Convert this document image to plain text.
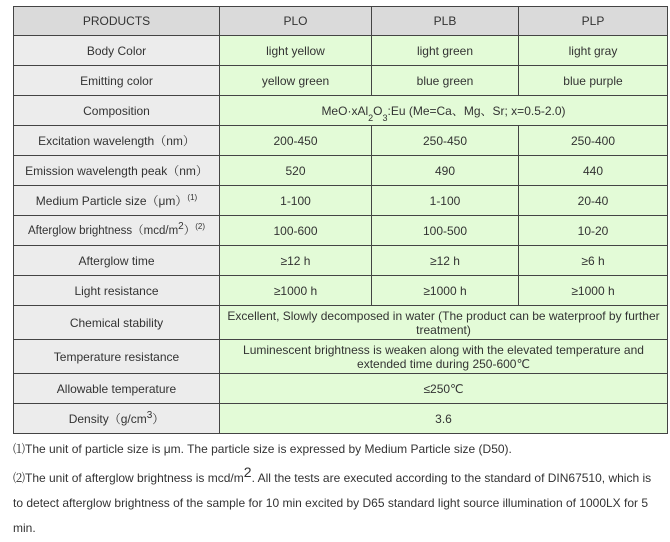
PRODUCTS	PLO	PLB	PLP
Body Color	light yellow	light green	light gray
Emitting color	yellow green	blue green	blue purple
Composition	$MeO\cdot xAl_2O_3:Eu$ (Me=Ca、Mg、Sr; x=0.5-2.0)		
Excitation wavelength（nm）	200-450	250-450	250-400
Emission wavelength peak（nm）	520	490	440
Medium Particle $size(\mu m)^{(1)}$	1-100	1-100	20-40
Afterglow $brightness(mcd/m^2)^{(2)}$	100-600	100-500	10-20
Afterglow time	≥12 h	≥12 h	≥6 h
Light resistance	≥1000 h	≥1000 h	≥1000 h
Chemical stability	Excellent, Slowly decomposed in water (The product can be waterproof by further treatment)		
Temperature resistance	Luminescent brightness is weaken along with the elevated temperature and extended time during 250-600℃		
Allowable temperature	≤250℃		
$Density(g/cm^3)$	3.6		
⑴The unit of particle size is μm. The particle size is expressed by Medium Particle size (D50).
⑵The unit of afterglow brightness is mcd/$m^2$. All the tests are executed according to the standard of DIN67510, which is to detect afterglow brightness of the sample for 10 min excited by D65 standard light source illumination of 1000LX for 5 min.
